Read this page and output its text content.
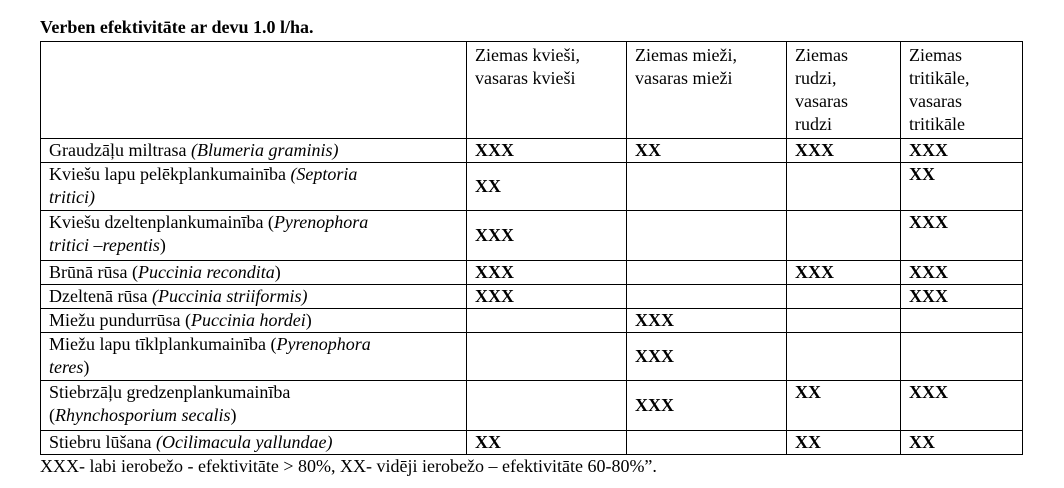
Verben efektivitāte ar devu 1.0 l/ha.
	Ziemas kvieši,
vasaras kvieši	Ziemas mieži,
vasaras mieži	Ziemas
rudzi,
vasaras
rudzi	Ziemas
tritikāle,
vasaras
tritikāle

Graudzāļu miltrasa (Blumeria graminis)	XXX	XX	XXX	XXX
Kviešu lapu pelēkplankumainība (Septoria
tritici)	XX			XX
Kviešu dzeltenplankumainība (Pyrenophora
tritici –repentis)	XXX			XXX
Brūnā rūsa (Puccinia recondita)	XXX		XXX	XXX
Dzeltenā rūsa (Puccinia striiformis)	XXX			XXX
Miežu pundurrūsa (Puccinia hordei)		XXX		
Miežu lapu tīklplankumainība (Pyrenophora
teres)		XXX		
Stiebrzāļu gredzenplankumainība
(Rhynchosporium secalis)		XXX	XX	XXX
Stiebru lūšana (Ocilimacula yallundae)	XX		XX	XX
XXX- labi ierobežo - efektivitāte > 80%, XX- vidēji ierobežo – efektivitāte 60-80%”.
